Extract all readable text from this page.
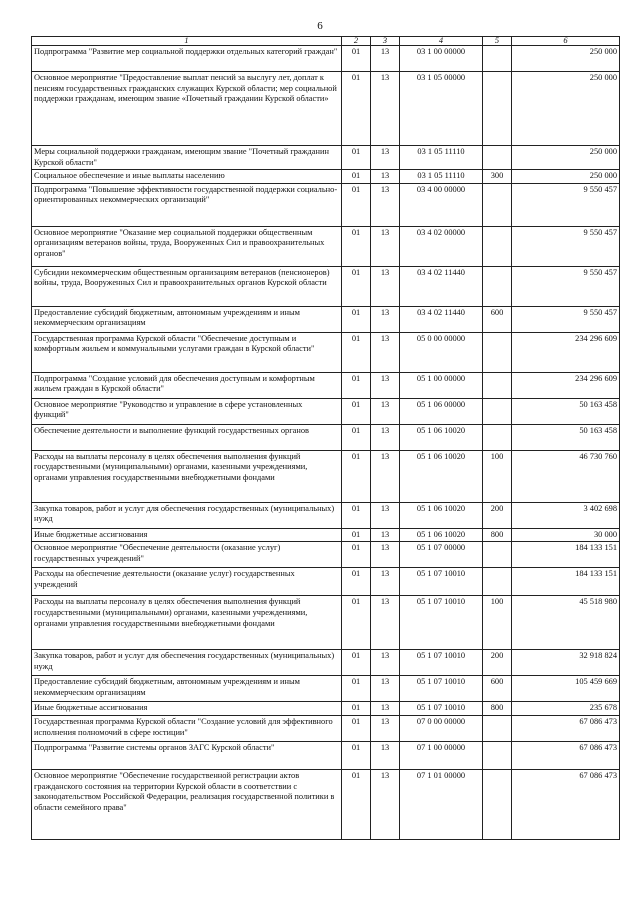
6
1	2	3	4	5	6
Подпрограмма "Развитие мер социальной поддержки отдельных категорий граждан"	01	13	03 1 00 00000		250 000
Основное мероприятие "Предоставление выплат пенсий за выслугу лет, доплат к пенсиям государственных гражданских служащих Курской области; мер социальной поддержки гражданам, имеющим звание «Почетный гражданин Курской области»	01	13	03 1 05 00000		250 000
Меры социальной поддержки гражданам, имеющим звание "Почетный гражданин Курской области"	01	13	03 1 05 11110		250 000
Социальное обеспечение и иные выплаты населению	01	13	03 1 05 11110	300	250 000
Подпрограмма "Повышение эффективности государственной поддержки социально-ориентированных некоммерческих организаций"	01	13	03 4 00 00000		9 550 457
Основное мероприятие "Оказание мер социальной поддержки общественным организациям ветеранов войны, труда, Вооруженных Сил и правоохранительных органов"	01	13	03 4 02 00000		9 550 457
Субсидии некоммерческим общественным организациям ветеранов (пенсионеров) войны, труда, Вооруженных Сил и правоохранительных органов Курской области	01	13	03 4 02 11440		9 550 457
Предоставление субсидий бюджетным, автономным учреждениям и иным некоммерческим организациям	01	13	03 4 02 11440	600	9 550 457
Государственная программа Курской области "Обеспечение доступным и комфортным жильем и коммунальными услугами граждан в Курской области"	01	13	05 0 00 00000		234 296 609
Подпрограмма "Создание условий для обеспечения доступным и комфортным жильем граждан в Курской области"	01	13	05 1 00 00000		234 296 609
Основное мероприятие "Руководство и управление в сфере установленных функций"	01	13	05 1 06 00000		50 163 458
Обеспечение деятельности и выполнение функций государственных органов	01	13	05 1 06 10020		50 163 458
Расходы на выплаты персоналу в целях обеспечения выполнения функций государственными (муниципальными) органами, казенными учреждениями, органами управления государственными внебюджетными фондами	01	13	05 1 06 10020	100	46 730 760
Закупка товаров, работ и услуг для обеспечения государственных (муниципальных) нужд	01	13	05 1 06 10020	200	3 402 698
Иные бюджетные ассигнования	01	13	05 1 06 10020	800	30 000
Основное мероприятие "Обеспечение деятельности (оказание услуг) государственных учреждений"	01	13	05 1 07 00000		184 133 151
Расходы на обеспечение деятельности (оказание услуг) государственных учреждений	01	13	05 1 07 10010		184 133 151
Расходы на выплаты персоналу в целях обеспечения выполнения функций государственными (муниципальными) органами, казенными учреждениями, органами управления государственными внебюджетными фондами	01	13	05 1 07 10010	100	45 518 980
Закупка товаров, работ и услуг для обеспечения государственных (муниципальных) нужд	01	13	05 1 07 10010	200	32 918 824
Предоставление субсидий бюджетным, автономным учреждениям и иным некоммерческим организациям	01	13	05 1 07 10010	600	105 459 669
Иные бюджетные ассигнования	01	13	05 1 07 10010	800	235 678
Государственная программа Курской области "Создание условий для эффективного исполнения полномочий в сфере юстиции"	01	13	07 0 00 00000		67 086 473
Подпрограмма "Развитие системы органов ЗАГС Курской области"	01	13	07 1 00 00000		67 086 473
Основное мероприятие "Обеспечение государственной регистрации актов гражданского состояния на территории Курской области в соответствии с законодательством Российской Федерации, реализация государственной политики в области семейного права"	01	13	07 1 01 00000		67 086 473
